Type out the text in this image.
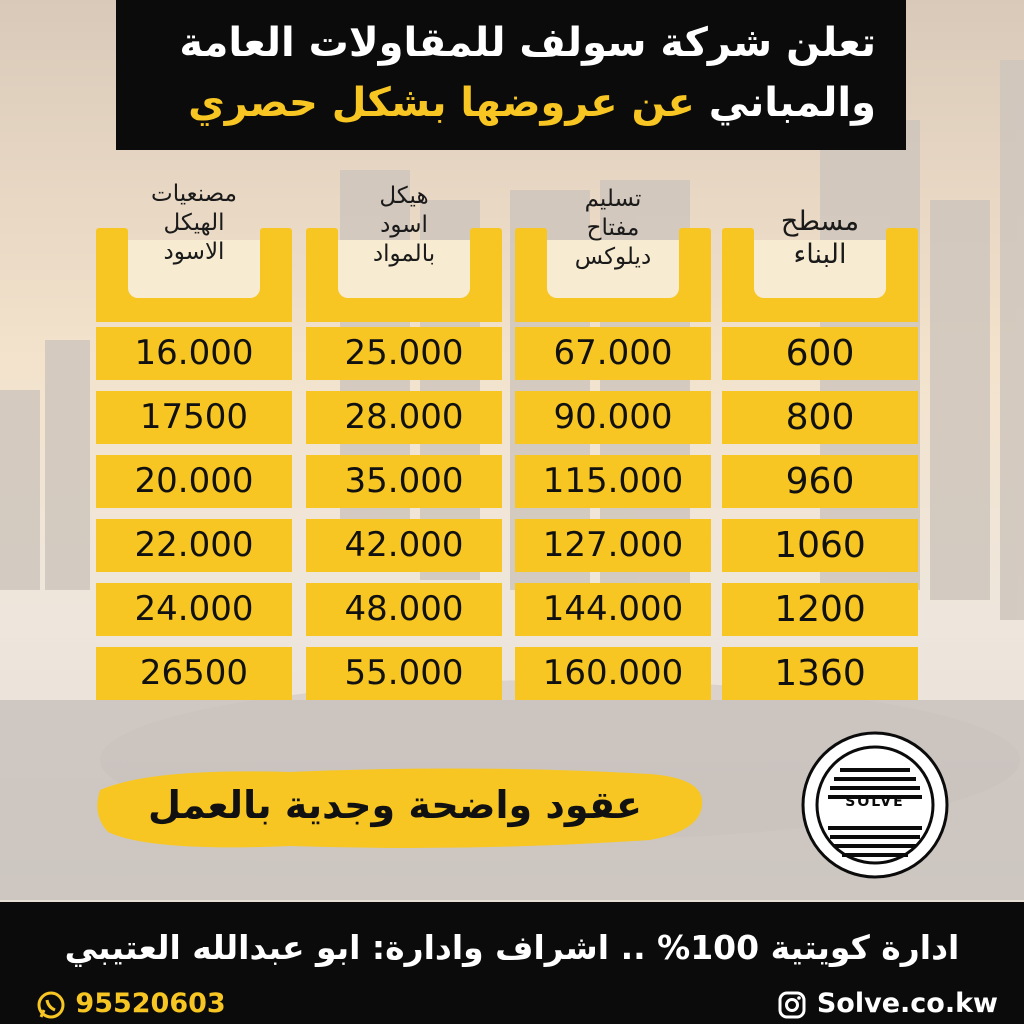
تعلن شركة سولف للمقاولات العامة
والمباني عن عروضها بشكل حصري
مسطح
البناء
تسليم
مفتاح
ديلوكس
هيكل
اسود
بالمواد
مصنعيات
الهيكل
الاسود
600
800
960
1060
1200
1360
67.000
90.000
115.000
127.000
144.000
160.000
25.000
28.000
35.000
42.000
48.000
55.000
16.000
17500
20.000
22.000
24.000
26500
عقود واضحة وجدية بالعمل	SOLVE
ادارة كويتية 100% .. اشراف وادارة: ابو عبدالله العتيبي
95520603	Solve.co.kw
